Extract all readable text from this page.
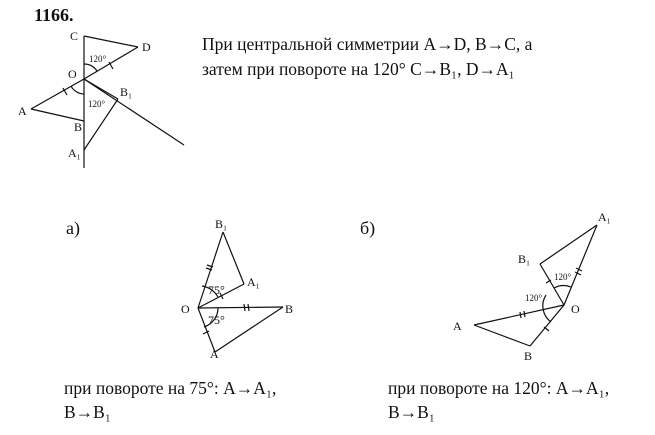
1166.
При центральной симметрии A→D, B→C, а
затем при повороте на 120° C→B₁, D→A₁
C
D
O
A
B
B₁
A₁
120°
120°
а)	B₁
A₁
O	B
A
75°
75°
при повороте на 75°: A→A₁,
B→B₁
б)
A₁
B₁
O
A
B
120°
120°
при повороте на 120°: A→A₁,
B→B₁
